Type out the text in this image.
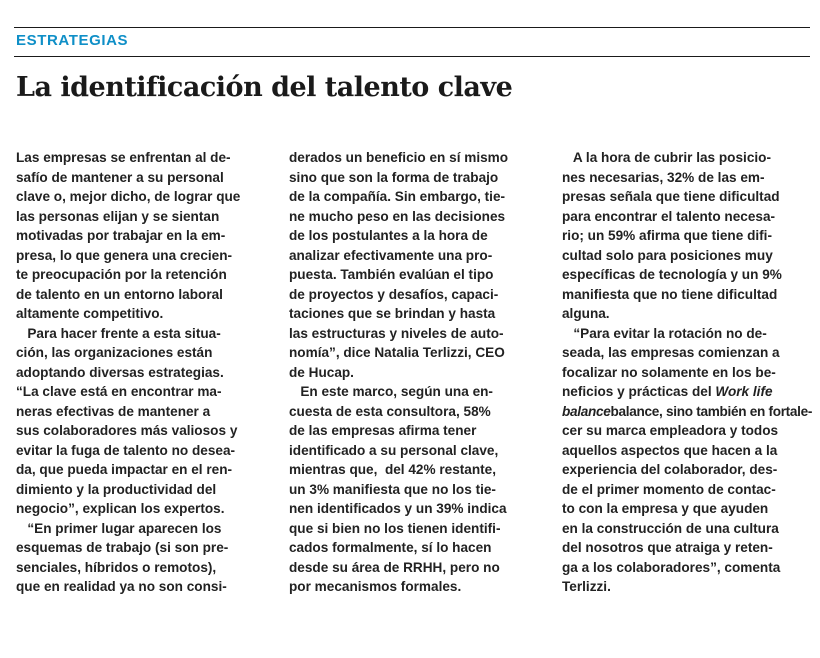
ESTRATEGIAS
La identificación del talento clave
Las empresas se enfrentan al de-
safío de mantener a su personal
clave o, mejor dicho, de lograr que
las personas elijan y se sientan
motivadas por trabajar en la em-
presa, lo que genera una crecien-
te preocupación por la retención
de talento en un entorno laboral
altamente competitivo.
Para hacer frente a esta situa-
ción, las organizaciones están
adoptando diversas estrategias.
“La clave está en encontrar ma-
neras efectivas de mantener a
sus colaboradores más valiosos y
evitar la fuga de talento no desea-
da, que pueda impactar en el ren-
dimiento y la productividad del
negocio”, explican los expertos.
“En primer lugar aparecen los
esquemas de trabajo (si son pre-
senciales, híbridos o remotos),
que en realidad ya no son consi-
derados un beneficio en sí mismo
sino que son la forma de trabajo
de la compañía. Sin embargo, tie-
ne mucho peso en las decisiones
de los postulantes a la hora de
analizar efectivamente una pro-
puesta. También evalúan el tipo
de proyectos y desafíos, capaci-
taciones que se brindan y hasta
las estructuras y niveles de auto-
nomía”, dice Natalia Terlizzi, CEO
de Hucap.
En este marco, según una en-
cuesta de esta consultora, 58%
de las empresas afirma tener
identificado a su personal clave,
mientras que,  del 42% restante,
un 3% manifiesta que no los tie-
nen identificados y un 39% indica
que si bien no los tienen identifi-
cados formalmente, sí lo hacen
desde su área de RRHH, pero no
por mecanismos formales.
A la hora de cubrir las posicio-
nes necesarias, 32% de las em-
presas señala que tiene dificultad
para encontrar el talento necesa-
rio; un 59% afirma que tiene difi-
cultad solo para posiciones muy
específicas de tecnología y un 9%
manifiesta que no tiene dificultad
alguna.
“Para evitar la rotación no de-
seada, las empresas comienzan a
focalizar no solamente en los be-
neficios y prácticas del Work life
balancebalance, sino también en fortale-
cer su marca empleadora y todos
aquellos aspectos que hacen a la
experiencia del colaborador, des-
de el primer momento de contac-
to con la empresa y que ayuden
en la construcción de una cultura
del nosotros que atraiga y reten-
ga a los colaboradores”, comenta
Terlizzi.
